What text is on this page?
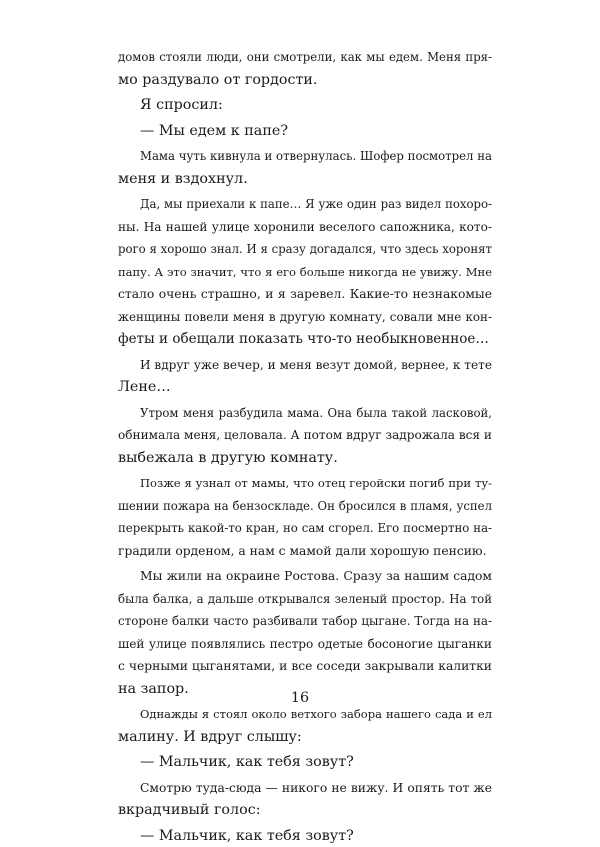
домов стояли люди, они смотрели, как мы едем. Меня пря-
мо раздувало от гордости.
Я спросил:
— Мы едем к папе?
Мама чуть кивнула и отвернулась. Шофер посмотрел на
меня и вздохнул.
Да, мы приехали к папе… Я уже один раз видел похоро-
ны. На нашей улице хоронили веселого сапожника, кото-
рого я хорошо знал. И я сразу догадался, что здесь хоронят
папу. А это значит, что я его больше никогда не увижу. Мне
стало очень страшно, и я заревел. Какие-то незнакомые
женщины повели меня в другую комнату, совали мне кон-
феты и обещали показать что-то необыкновенное…
И вдруг уже вечер, и меня везут домой, вернее, к тете
Лене…
Утром меня разбудила мама. Она была такой ласковой,
обнимала меня, целовала. А потом вдруг задрожала вся и
выбежала в другую комнату.
Позже я узнал от мамы, что отец геройски погиб при ту-
шении пожара на бензоскладе. Он бросился в пламя, успел
перекрыть какой-то кран, но сам сгорел. Его посмертно на-
градили орденом, а нам с мамой дали хорошую пенсию.
Мы жили на окраине Ростова. Сразу за нашим садом
была балка, а дальше открывался зеленый простор. На той
стороне балки часто разбивали табор цыгане. Тогда на на-
шей улице появлялись пестро одетые босоногие цыганки
с черными цыганятами, и все соседи закрывали калитки
на запор.
Однажды я стоял около ветхого забора нашего сада и ел
малину. И вдруг слышу:
— Мальчик, как тебя зовут?
Смотрю туда-сюда — никого не вижу. И опять тот же
вкрадчивый голос:
— Мальчик, как тебя зовут?
16
